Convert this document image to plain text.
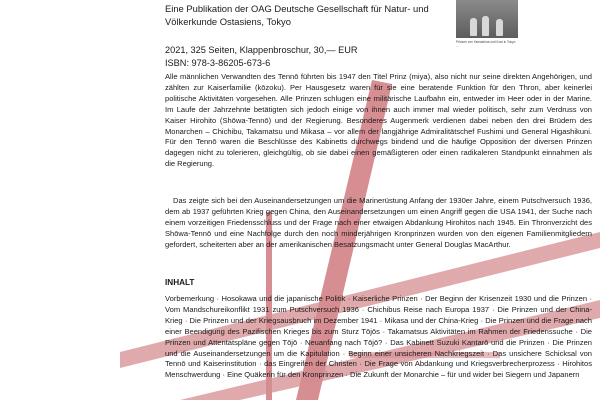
Eine Publikation der OAG Deutsche Gesellschaft für Natur- und
Völkerkunde Ostasiens, Tokyo
2021, 325 Seiten, Klappenbroschur, 30,— EUR
ISBN: 978-3-86205-673-6
Prinzen von Yamashina und Kuni in Tokyo ...
Alle männlichen Verwandten des Tennō führten bis 1947 den Titel Prinz (miya), also nicht nur seine direkten Angehörigen, und zählten zur Kaiserfamilie (kōzoku). Per Hausgesetz waren für sie eine beratende Funktion für den Thron, aber keinerlei politische Aktivitäten vorgesehen. Alle Prinzen schlugen eine militärische Laufbahn ein, entweder im Heer oder in der Marine. Im Laufe der Jahrzehnte betätigten sich jedoch einige von ihnen auch immer mal wieder politisch, sehr zum Verdruss von Kaiser Hirohito (Shōwa-Tennō) und der Regierung. Besonderes Augenmerk verdienen dabei neben den drei Brüdern des Monarchen – Chichibu, Takamatsu und Mikasa – vor allem der langjährige Admiralitätschef Fushimi und General Higashikuni. Für den Tennō waren die Beschlüsse des Kabinetts durchwegs bindend und die häufige Opposition der diversen Prinzen dagegen nicht zu tolerieren, gleichgültig, ob sie dabei einen gemäßigteren oder einen radikaleren Standpunkt einnahmen als die Regierung.
Das zeigte sich bei den Auseinandersetzungen um die Marinerüstung Anfang der 1930er Jahre, einem Putschversuch 1936, dem ab 1937 geführten Krieg gegen China, den Auseinandersetzungen um einen Angriff gegen die USA 1941, der Suche nach einem vorzeitigen Friedensschluss und der Frage nach einer etwaigen Abdankung Hirohitos nach 1945. Ein Thronverzicht des Shōwa-Tennō und eine Nachfolge durch den noch minderjährigen Kronprinzen wurden von den eigenen Familienmitgliedern gefordert, scheiterten aber an der amerikanischen Besatzungsmacht unter General Douglas MacArthur.
INHALT
Vorbemerkung · Hosokawa und die japanische Politik · Kaiserliche Prinzen · Der Beginn der Krisenzeit 1930 und die Prinzen · Vom Mandschureikonflikt 1931 zum Putschversuch 1936 · Chichibus Reise nach Europa 1937 · Die Prinzen und der China-Krieg · Die Prinzen und der Kriegsausbruch im Dezember 1941 · Mikasa und der China-Krieg · Die Prinzen und die Frage nach einer Beendigung des Pazifischen Krieges bis zum Sturz Tōjōs · Takamatsus Aktivitäten im Rahmen der Friedenssuche · Die Prinzen und Attentatspläne gegen Tōjō · Neuanfang nach Tōjō? · Das Kabinett Suzuki Kantarō und die Prinzen · Die Prinzen und die Auseinandersetzungen um die Kapitulation · Beginn einer unsicheren Nachkriegszeit · Das unsichere Schicksal von Tennō und Kaiserinstitution · das Eingreifen der Christen · Die Frage von Abdankung und Kriegsverbrecherprozess · Hirohitos Menschwerdung · Eine Quäkerin für den Kronprinzen · Die Zukunft der Monarchie – für und wider bei Siegern und Japanern
